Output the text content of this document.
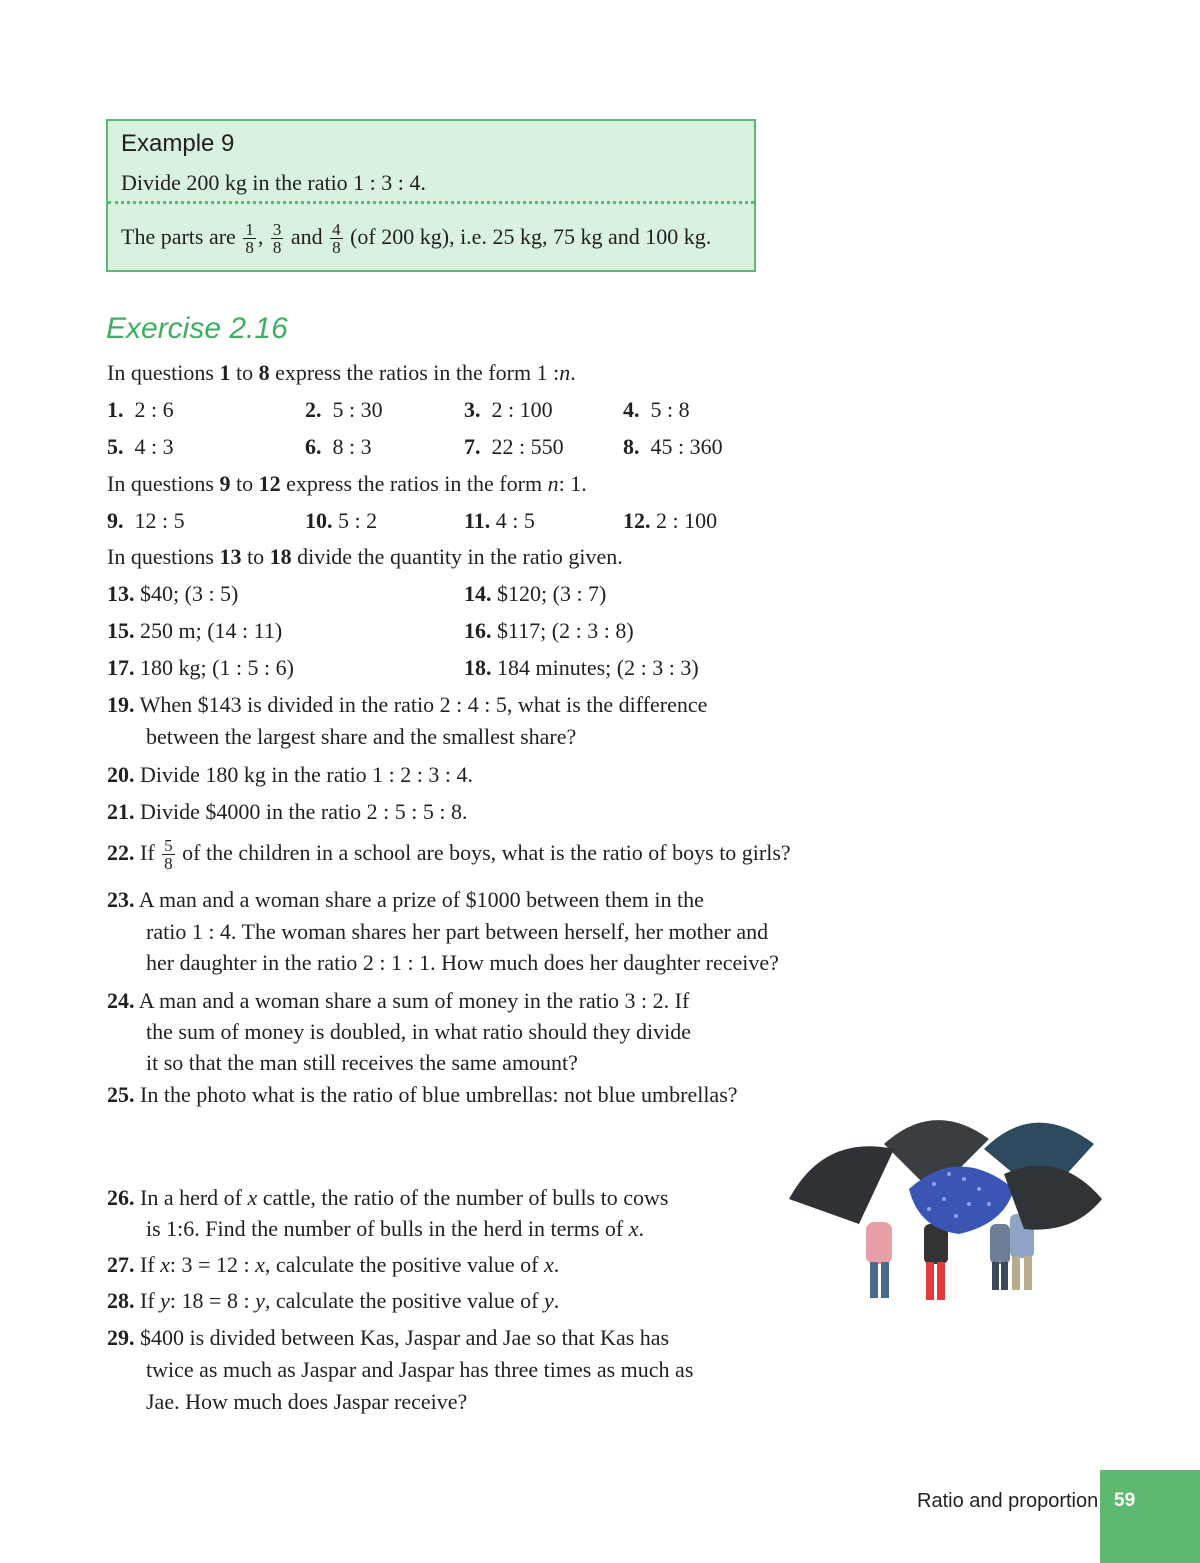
Example 9
Divide 200 kg in the ratio 1 : 3 : 4.
The parts are $\frac{1}{8}$ , $\frac{3}{8}$ and $\frac{4}{8} (of$ 200 kg), i.e. 25 kg, 75 kg and 100 kg.
Exercise 2.16
In questions 1 to 8 express the ratios in the form 1 :n.
1. 2 : 6	2. 5 : 30	3. 2 : 100	4. 5 : 8
5. 4 : 3	6. 8 : 3	7. 22 : 550	8. 45 : 360
In questions 9 to 12 express the ratios in the form n: 1.
9. 12 : 5	10. 5 : 2	11. 4 : 5	12. 2 : 100
In questions 13 to 18 divide the quantity in the ratio given.
13. $40; (3 : 5)	14. $120; (3 : 7)
15. 250 m; (14 : 11)	16. $117; (2 : 3 : 8)
17. 180 kg; (1 : 5 : 6)	18. 184 minutes; (2 : 3 : 3)
19. When $143 is divided in the ratio 2 : 4 : 5, what is the difference
between the largest share and the smallest share?
20. Divide 180 kg in the ratio 1 : 2 : 3 : 4.
21. Divide $4000 in the ratio 2 : 5 : 5 : 8.
22. If $\frac{5}{8}$ of the children in a school are boys, what is the ratio of boys to girls?
23. A man and a woman share a prize of $1000 between them in the
ratio 1 : 4. The woman shares her part between herself, her mother and
her daughter in the ratio 2 : 1 : 1. How much does her daughter receive?
24. A man and a woman share a sum of money in the ratio 3 : 2. If
the sum of money is doubled, in what ratio should they divide
it so that the man still receives the same amount?
25. In the photo what is the ratio of blue umbrellas: not blue umbrellas?
26. In a herd of x cattle, the ratio of the number of bulls to cows
is 1:6. Find the number of bulls in the herd in terms of x.
27. If x: 3 = 12 : x, calculate the positive value of x.
28. If y: 18 = 8 : y, calculate the positive value of y.
29. $400 is divided between Kas, Jaspar and Jae so that Kas has
twice as much as Jaspar and Jaspar has three times as much as
Jae. How much does Jaspar receive?
Ratio and proportion 59
